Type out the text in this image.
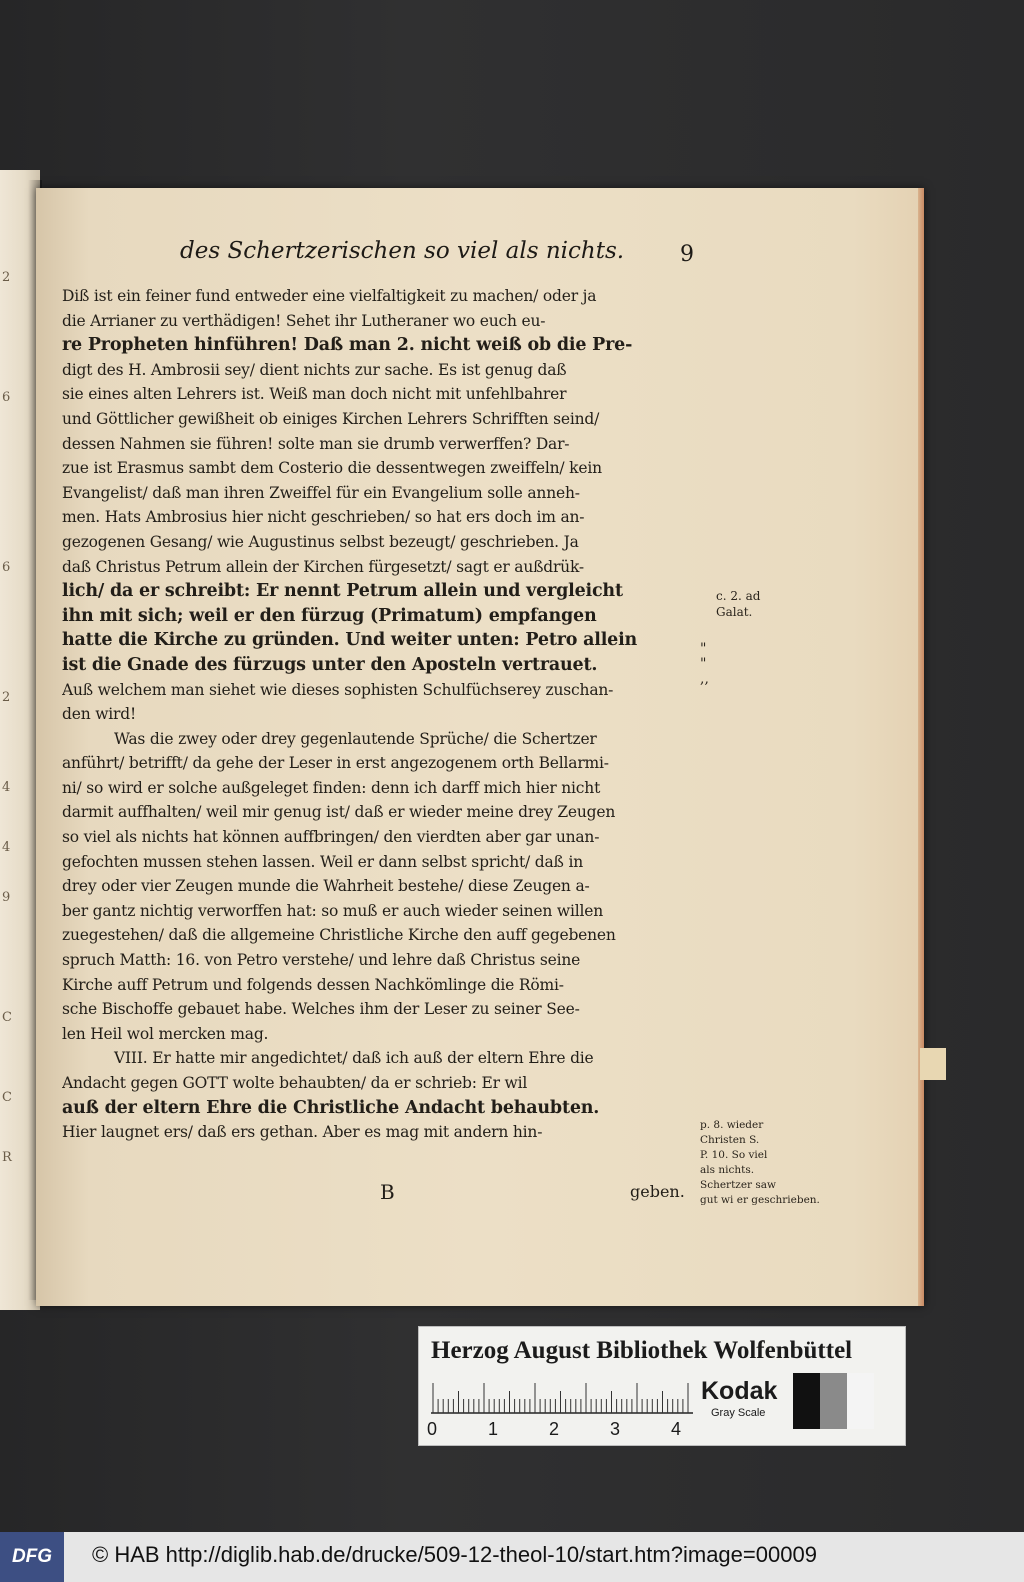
2
6
6
2
4
4
9
C
C
R
des Schertzerischen so viel als nichts.	9
Diß ist ein feiner fund entweder eine vielfaltigkeit zu machen/ oder ja
die Arrianer zu verthädigen! Sehet ihr Lutheraner wo euch eu-
re Propheten hinführen! Daß man 2. nicht weiß ob die Pre-
digt des H. Ambrosii sey/ dient nichts zur sache. Es ist genug daß
sie eines alten Lehrers ist. Weiß man doch nicht mit unfehlbahrer
und Göttlicher gewißheit ob einiges Kirchen Lehrers Schrifften seind/
dessen Nahmen sie führen! solte man sie drumb verwerffen? Dar-
zue ist Erasmus sambt dem Costerio die dessentwegen zweiffeln/ kein
Evangelist/ daß man ihren Zweiffel für ein Evangelium solle anneh-
men. Hats Ambrosius hier nicht geschrieben/ so hat ers doch im an-
gezogenen Gesang/ wie Augustinus selbst bezeugt/ geschrieben. Ja
daß Christus Petrum allein der Kirchen fürgesetzt/ sagt er außdrük-
lich/ da er schreibt: Er nennt Petrum allein und vergleicht
ihn mit sich; weil er den fürzug (Primatum) empfangen
hatte die Kirche zu gründen. Und weiter unten: Petro allein
ist die Gnade des fürzugs unter den Aposteln vertrauet.
Auß welchem man siehet wie dieses sophisten Schulfüchserey zuschan-
den wird!
Was die zwey oder drey gegenlautende Sprüche/ die Schertzer
anführt/ betrifft/ da gehe der Leser in erst angezogenem orth Bellarmi-
ni/ so wird er solche außgeleget finden: denn ich darff mich hier nicht
darmit auffhalten/ weil mir genug ist/ daß er wieder meine drey Zeugen
so viel als nichts hat können auffbringen/ den vierdten aber gar unan-
gefochten mussen stehen lassen. Weil er dann selbst spricht/ daß in
drey oder vier Zeugen munde die Wahrheit bestehe/ diese Zeugen a-
ber gantz nichtig verworffen hat: so muß er auch wieder seinen willen
zuegestehen/ daß die allgemeine Christliche Kirche den auff gegebenen
spruch Matth: 16. von Petro verstehe/ und lehre daß Christus seine
Kirche auff Petrum und folgends dessen Nachkömlinge die Römi-
sche Bischoffe gebauet habe. Welches ihm der Leser zu seiner See-
len Heil wol mercken mag.
VIII. Er hatte mir angedichtet/ daß ich auß der eltern Ehre die
Andacht gegen GOTT wolte behaubten/ da er schrieb: Er wil
auß der eltern Ehre die Christliche Andacht behaubten.
Hier laugnet ers/ daß ers gethan. Aber es mag mit andern hin-
c. 2. ad
Galat.
"
"
,,
p. 8. wieder
Christen S.
P. 10. So viel
als nichts.
Schertzer saw
gut wi er geschrieben.
B	geben.
Herzog August Bibliothek Wolfenbüttel
0	1	2	3	4
Kodak
Gray Scale
DFG	© HAB http://diglib.hab.de/drucke/509-12-theol-10/start.htm?image=00009
